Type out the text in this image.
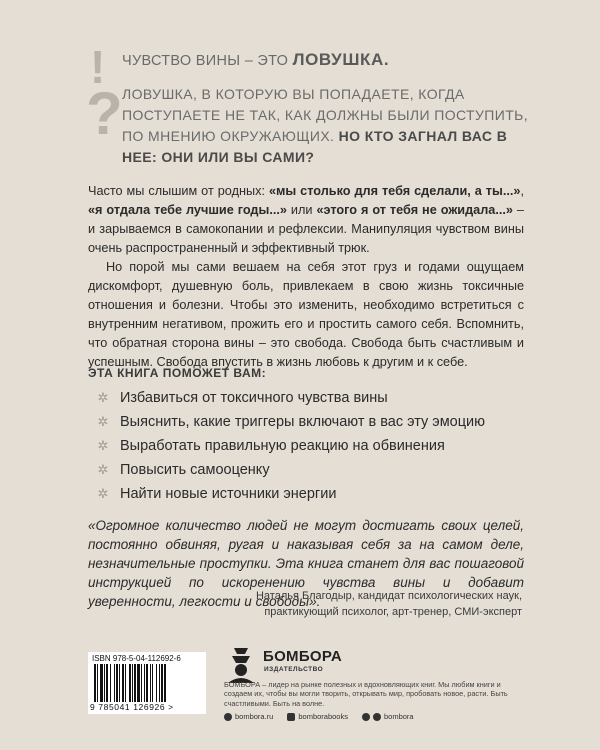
!
?
ЧУВСТВО ВИНЫ – ЭТО ЛОВУШКА.
ЛОВУШКА, В КОТОРУЮ ВЫ ПОПАДАЕТЕ, КОГДА ПОСТУПАЕТЕ НЕ ТАК, КАК ДОЛЖНЫ БЫЛИ ПОСТУПИТЬ, ПО МНЕНИЮ ОКРУЖАЮЩИХ. НО КТО ЗАГНАЛ ВАС В НЕЕ: ОНИ ИЛИ ВЫ САМИ?

Часто мы слышим от родных: «мы столько для тебя сделали, а ты...», «я отдала тебе лучшие годы...» или «этого я от тебя не ожидала...» – и зарываемся в самокопании и рефлексии. Манипуляция чувством вины очень распространенный и эффективный трюк.

Но порой мы сами вешаем на себя этот груз и годами ощущаем дискомфорт, душевную боль, привлекаем в свою жизнь токсичные отношения и болезни. Чтобы это изменить, необходимо встретиться с внутренним негативом, прожить его и простить самого себя. Вспомнить, что обратная сторона вины – это свобода. Свобода быть счастливым и успешным. Свобода впустить в жизнь любовь к другим и к себе.

ЭТА КНИГА ПОМОЖЕТ ВАМ:
✲ Избавиться от токсичного чувства вины
✲ Выяснить, какие триггеры включают в вас эту эмоцию
✲ Выработать правильную реакцию на обвинения
✲ Повысить самооценку
✲ Найти новые источники энергии
«Огромное количество людей не могут достигать своих целей, постоянно обвиняя, ругая и наказывая себя за на самом деле, незначительные проступки. Эта книга станет для вас пошаговой инструкцией по искоренению чувства вины и добавит уверенности, легкости и свободы».
Наталья Благодыр, кандидат психологических наук,
практикующий психолог, арт-тренер, СМИ-эксперт
ISBN 978-5-04-112692-6
9 785041 126926 >
БОМБОРА
ИЗДАТЕЛЬСТВО
БОМБОРА – лидер на рынке полезных и вдохновляющих книг. Мы любим книги и создаем их, чтобы вы могли творить, открывать мир, пробовать новое, расти. Быть счастливыми. Быть на волне.
bombora.ru	bomborabooks	bombora
